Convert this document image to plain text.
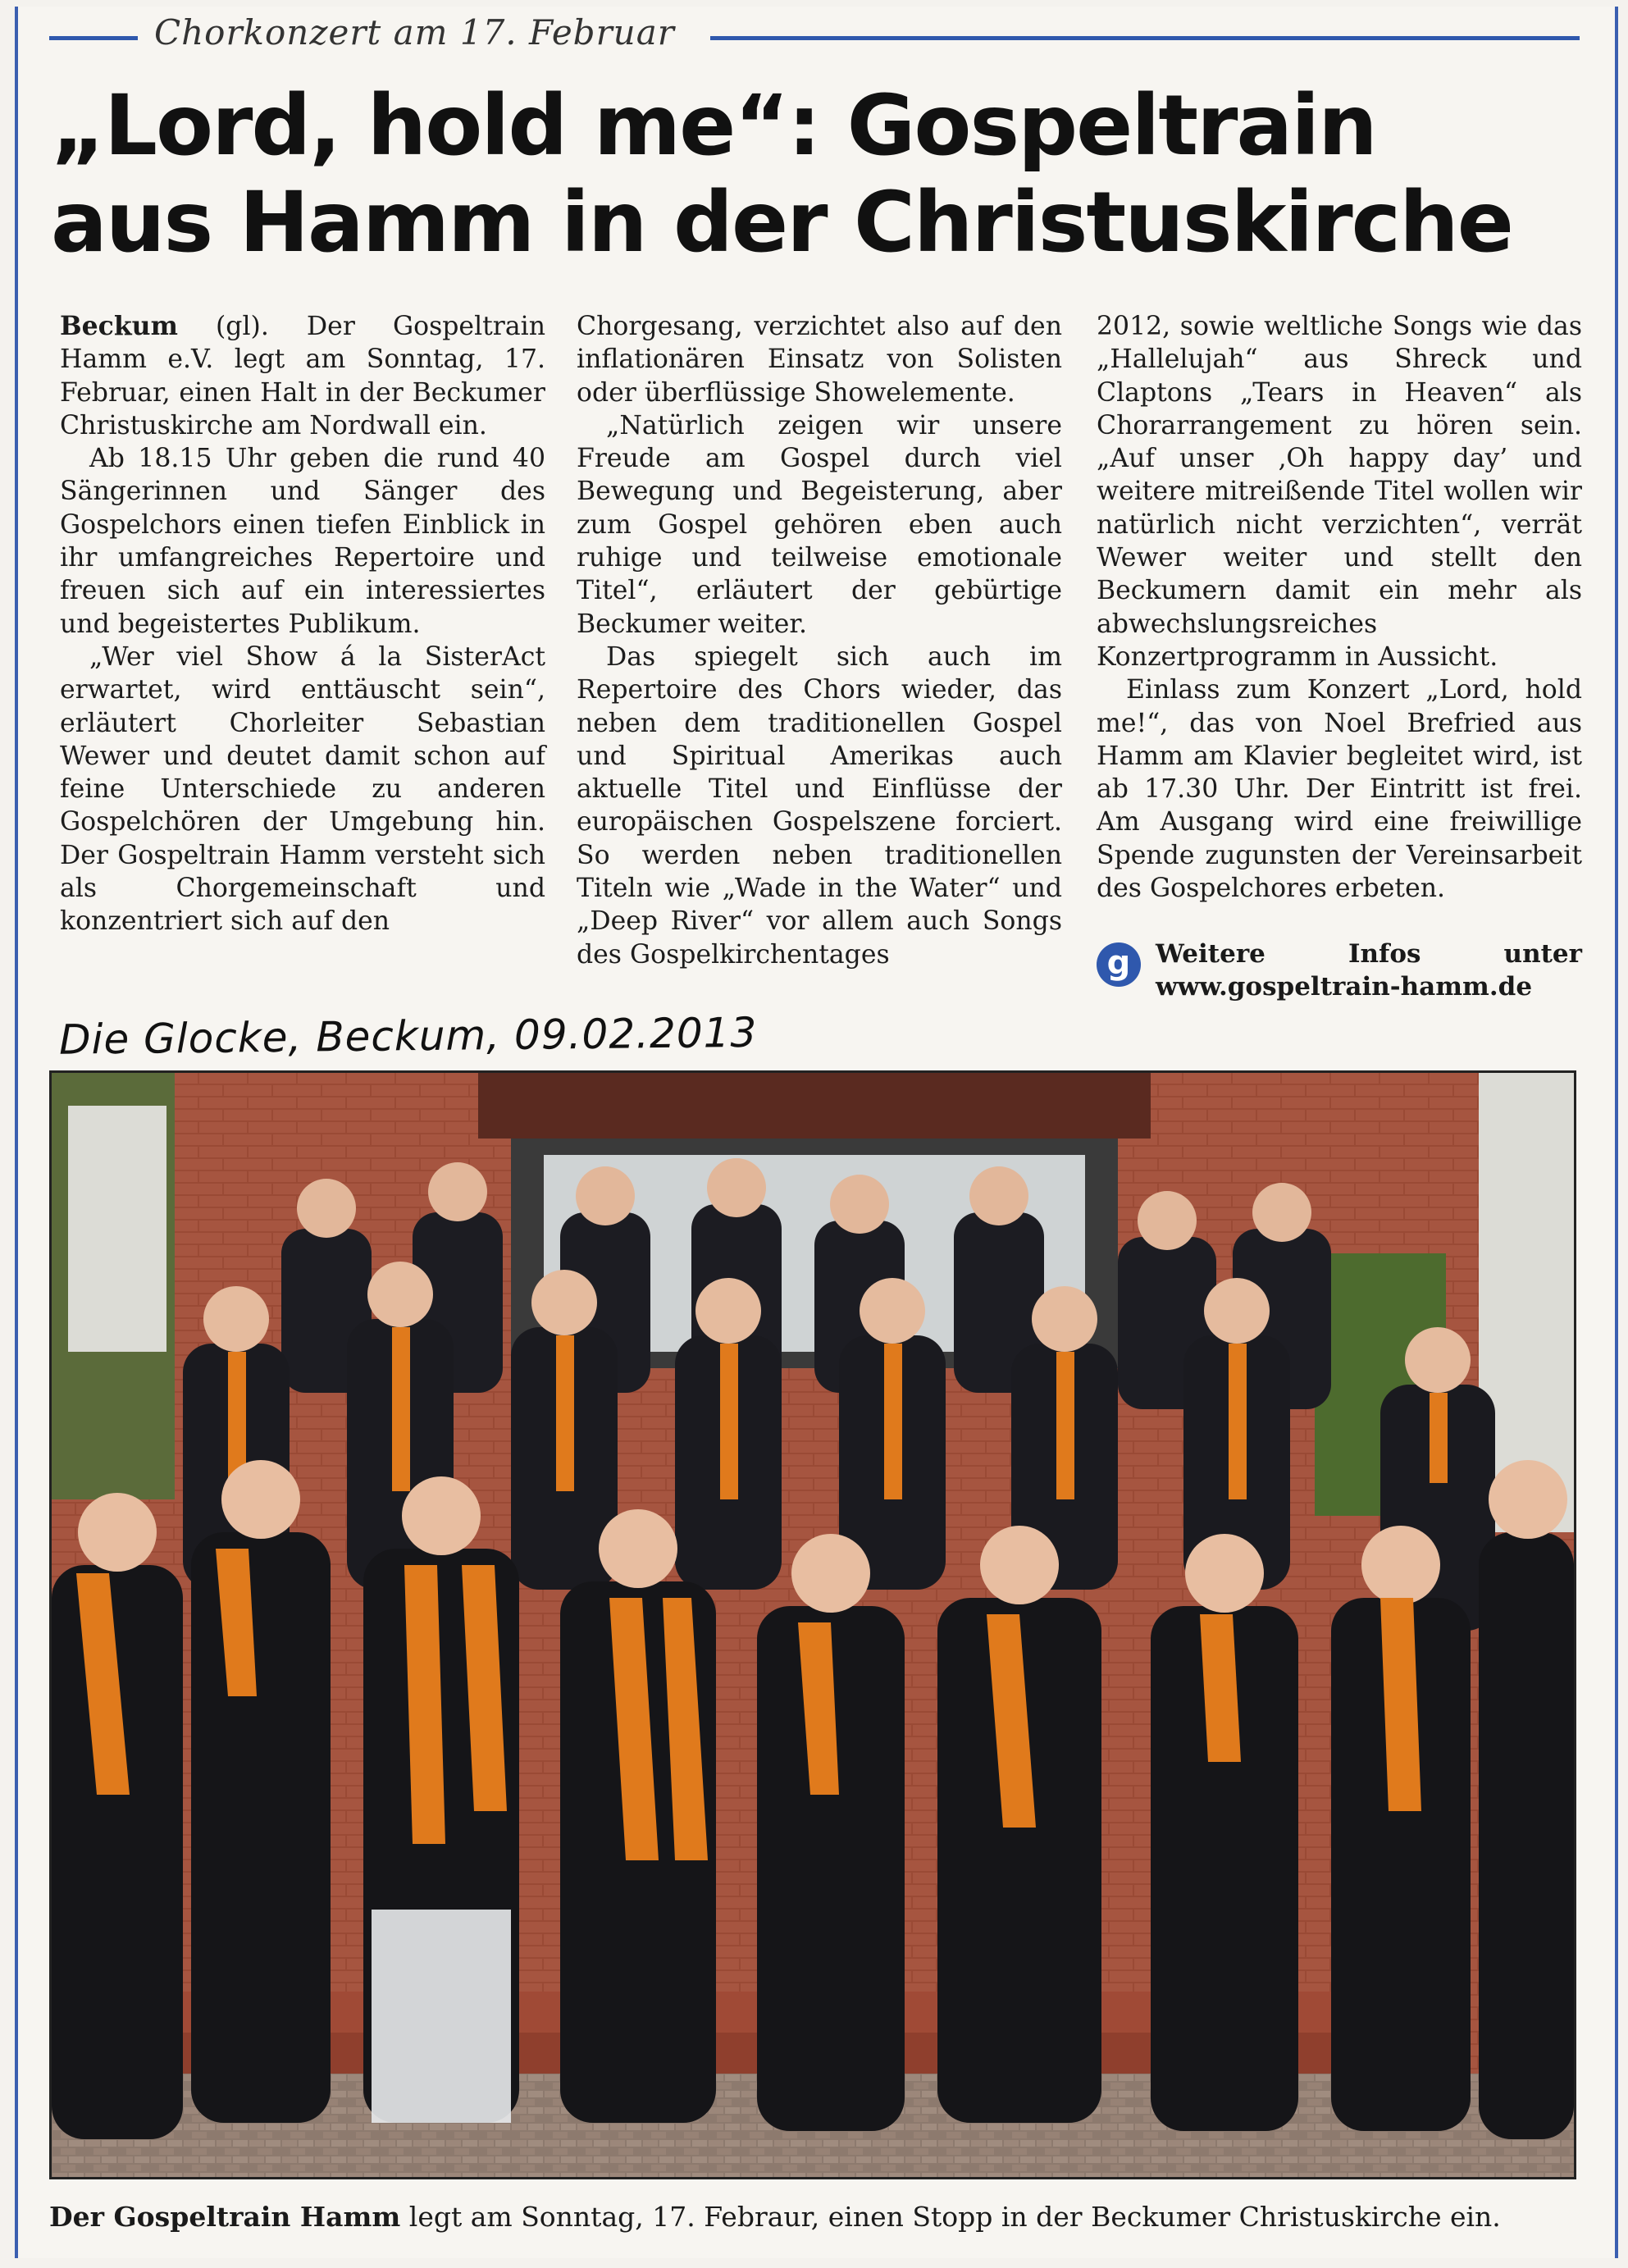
Chorkonzert am 17. Februar
„Lord, hold me“: Gospeltrain
aus Hamm in der Christuskirche

Beckum (gl). Der Gospeltrain Hamm e.V. legt am Sonntag, 17. Februar, einen Halt in der Beckumer Christuskirche am Nordwall ein.

Ab 18.15 Uhr geben die rund 40 Sängerinnen und Sänger des Gospelchors einen tiefen Einblick in ihr umfangreiches Repertoire und freuen sich auf ein interessiertes und begeistertes Publikum.

„Wer viel Show á la SisterAct erwartet, wird enttäuscht sein“, erläutert Chorleiter Sebastian Wewer und deutet damit schon auf feine Unterschiede zu anderen Gospelchören der Umgebung hin. Der Gospeltrain Hamm versteht sich als Chorgemeinschaft und konzentriert sich auf den

Chorgesang, verzichtet also auf den inflationären Einsatz von Solisten oder überflüssige Showelemente.

„Natürlich zeigen wir unsere Freude am Gospel durch viel Bewegung und Begeisterung, aber zum Gospel gehören eben auch ruhige und teilweise emotionale Titel“, erläutert der gebürtige Beckumer weiter.

Das spiegelt sich auch im Repertoire des Chors wieder, das neben dem traditionellen Gospel und Spiritual Amerikas auch aktuelle Titel und Einflüsse der europäischen Gospelszene forciert. So werden neben traditionellen Titeln wie „Wade in the Water“ und „Deep River“ vor allem auch Songs des Gospelkirchentages

2012, sowie weltliche Songs wie das „Hallelujah“ aus Shreck und Claptons „Tears in Heaven“ als Chorarrangement zu hören sein. „Auf unser ‚Oh happy day’ und weitere mitreißende Titel wollen wir natürlich nicht verzichten“, verrät Wewer weiter und stellt den Beckumern damit ein mehr als abwechslungsreiches Konzertprogramm in Aussicht.

Einlass zum Konzert „Lord, hold me!“, das von Noel Brefried aus Hamm am Klavier begleitet wird, ist ab 17.30 Uhr. Der Eintritt ist frei. Am Ausgang wird eine freiwillige Spende zugunsten der Vereinsarbeit des Gospelchores erbeten.

g Weitere	Infos	unter
www.gospeltrain-hamm.de
Die Glocke, Beckum, 09.02.2013
Der Gospeltrain Hamm legt am Sonntag, 17. Febraur, einen Stopp in der Beckumer Christuskirche ein.
